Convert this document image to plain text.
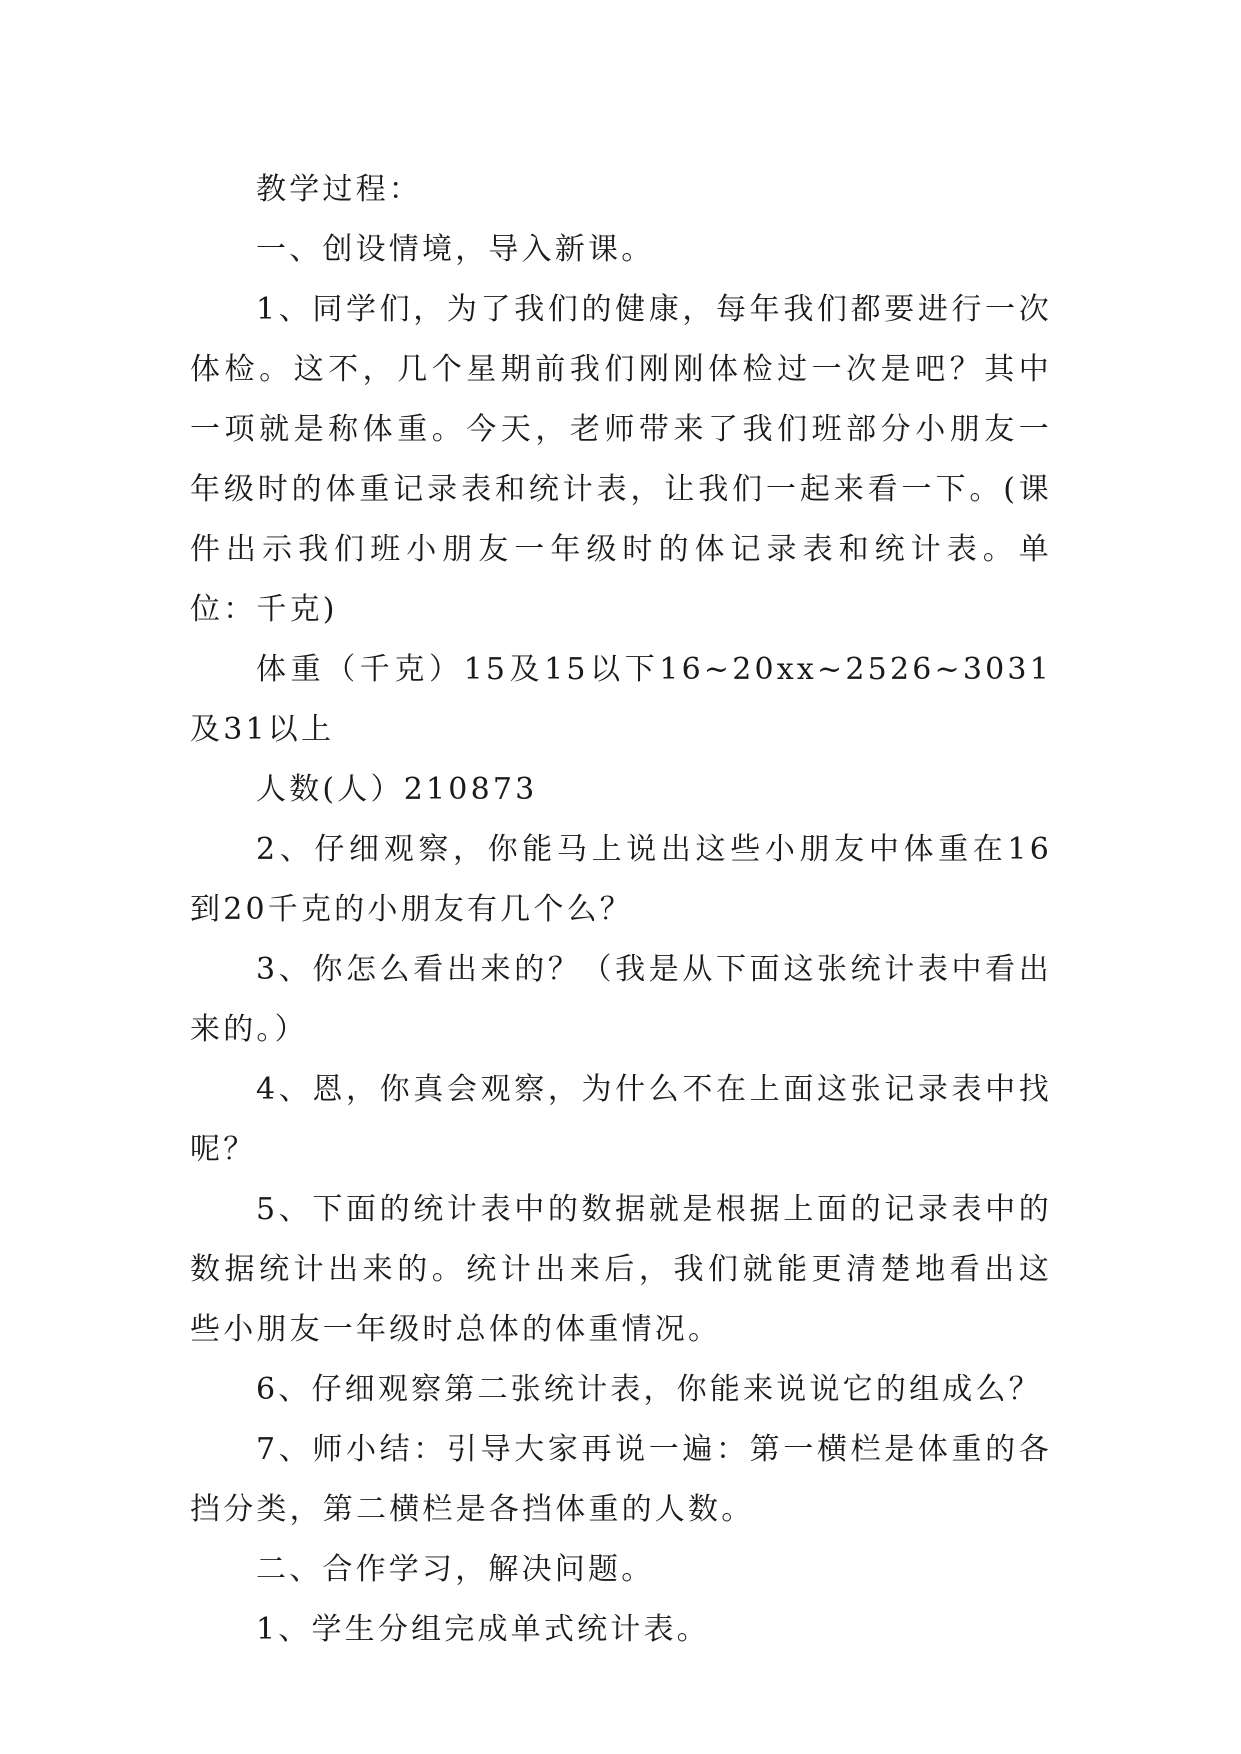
教学过程：

一、创设情境，导入新课。

1、同学们，为了我们的健康，每年我们都要进行一次体检。这不，几个星期前我们刚刚体检过一次是吧？其中一项就是称体重。今天，老师带来了我们班部分小朋友一年级时的体重记录表和统计表，让我们一起来看一下。(课件出示我们班小朋友一年级时的体记录表和统计表。单位：千克)

体重（千克）15及15以下16~20xx~2526~3031及31以上

人数(人）210873

2、仔细观察，你能马上说出这些小朋友中体重在16到20千克的小朋友有几个么？

3、你怎么看出来的？（我是从下面这张统计表中看出来的。）

4、恩，你真会观察，为什么不在上面这张记录表中找呢？

5、下面的统计表中的数据就是根据上面的记录表中的数据统计出来的。统计出来后，我们就能更清楚地看出这些小朋友一年级时总体的体重情况。

6、仔细观察第二张统计表，你能来说说它的组成么？

7、师小结：引导大家再说一遍：第一横栏是体重的各挡分类，第二横栏是各挡体重的人数。

二、合作学习，解决问题。

1、学生分组完成单式统计表。
